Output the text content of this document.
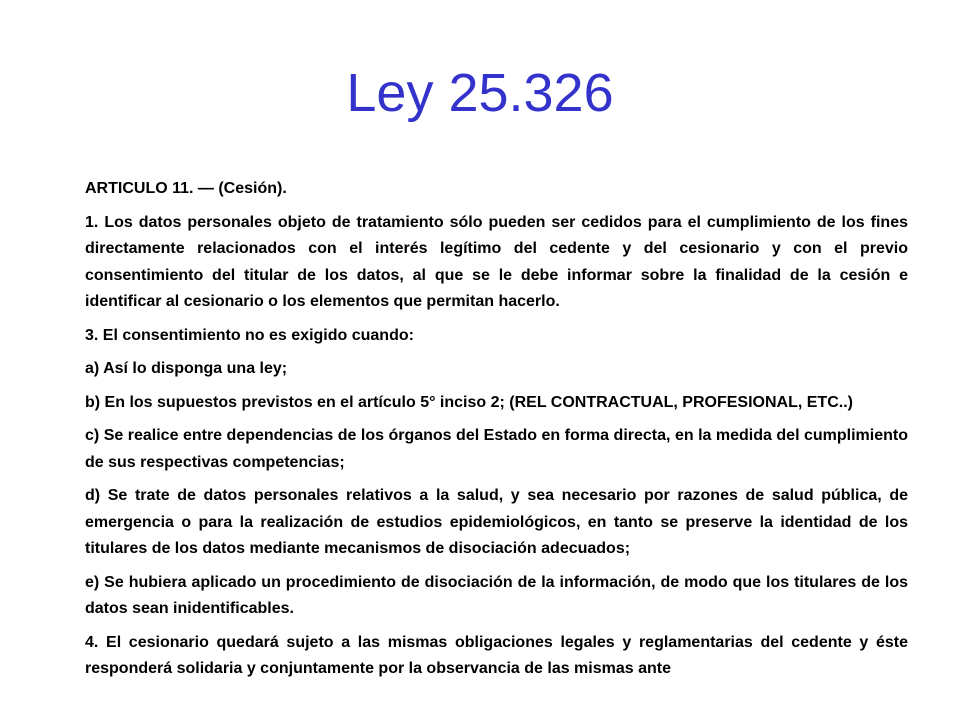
Ley 25.326

ARTICULO 11. — (Cesión).

1. Los datos personales objeto de tratamiento sólo pueden ser cedidos para el cumplimiento de los fines directamente relacionados con el interés legítimo del cedente y del cesionario y con el previo consentimiento del titular de los datos, al que se le debe informar sobre la finalidad de la cesión e identificar al cesionario o los elementos que permitan hacerlo.

3. El consentimiento no es exigido cuando:

a) Así lo disponga una ley;

b) En los supuestos previstos en el artículo 5° inciso 2; (REL CONTRACTUAL, PROFESIONAL, ETC..)

c) Se realice entre dependencias de los órganos del Estado en forma directa, en la medida del cumplimiento de sus respectivas competencias;

d) Se trate de datos personales relativos a la salud, y sea necesario por razones de salud pública, de emergencia o para la realización de estudios epidemiológicos, en tanto se preserve la identidad de los titulares de los datos mediante mecanismos de disociación adecuados;

e) Se hubiera aplicado un procedimiento de disociación de la información, de modo que los titulares de los datos sean inidentificables.

4. El cesionario quedará sujeto a las mismas obligaciones legales y reglamentarias del cedente y éste responderá solidaria y conjuntamente por la observancia de las mismas ante
